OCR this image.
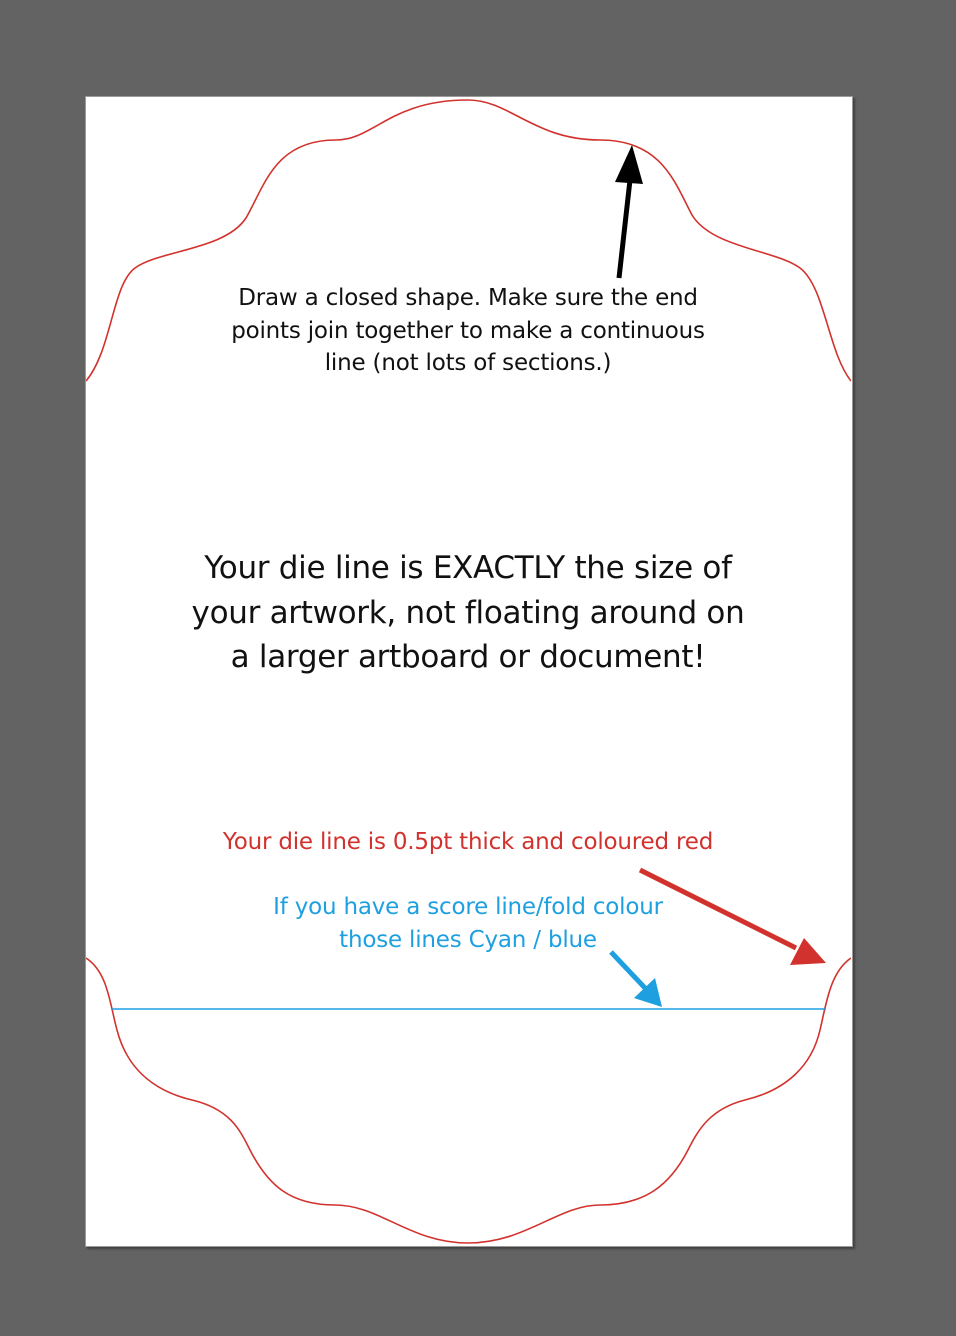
Draw a closed shape. Make sure the end
points join together to make a continuous
line (not lots of sections.)

Your die line is EXACTLY the size of
your artwork, not floating around on
a larger artboard or document!

Your die line is 0.5pt thick and coloured red

If you have a score line/fold colour
those lines Cyan / blue
